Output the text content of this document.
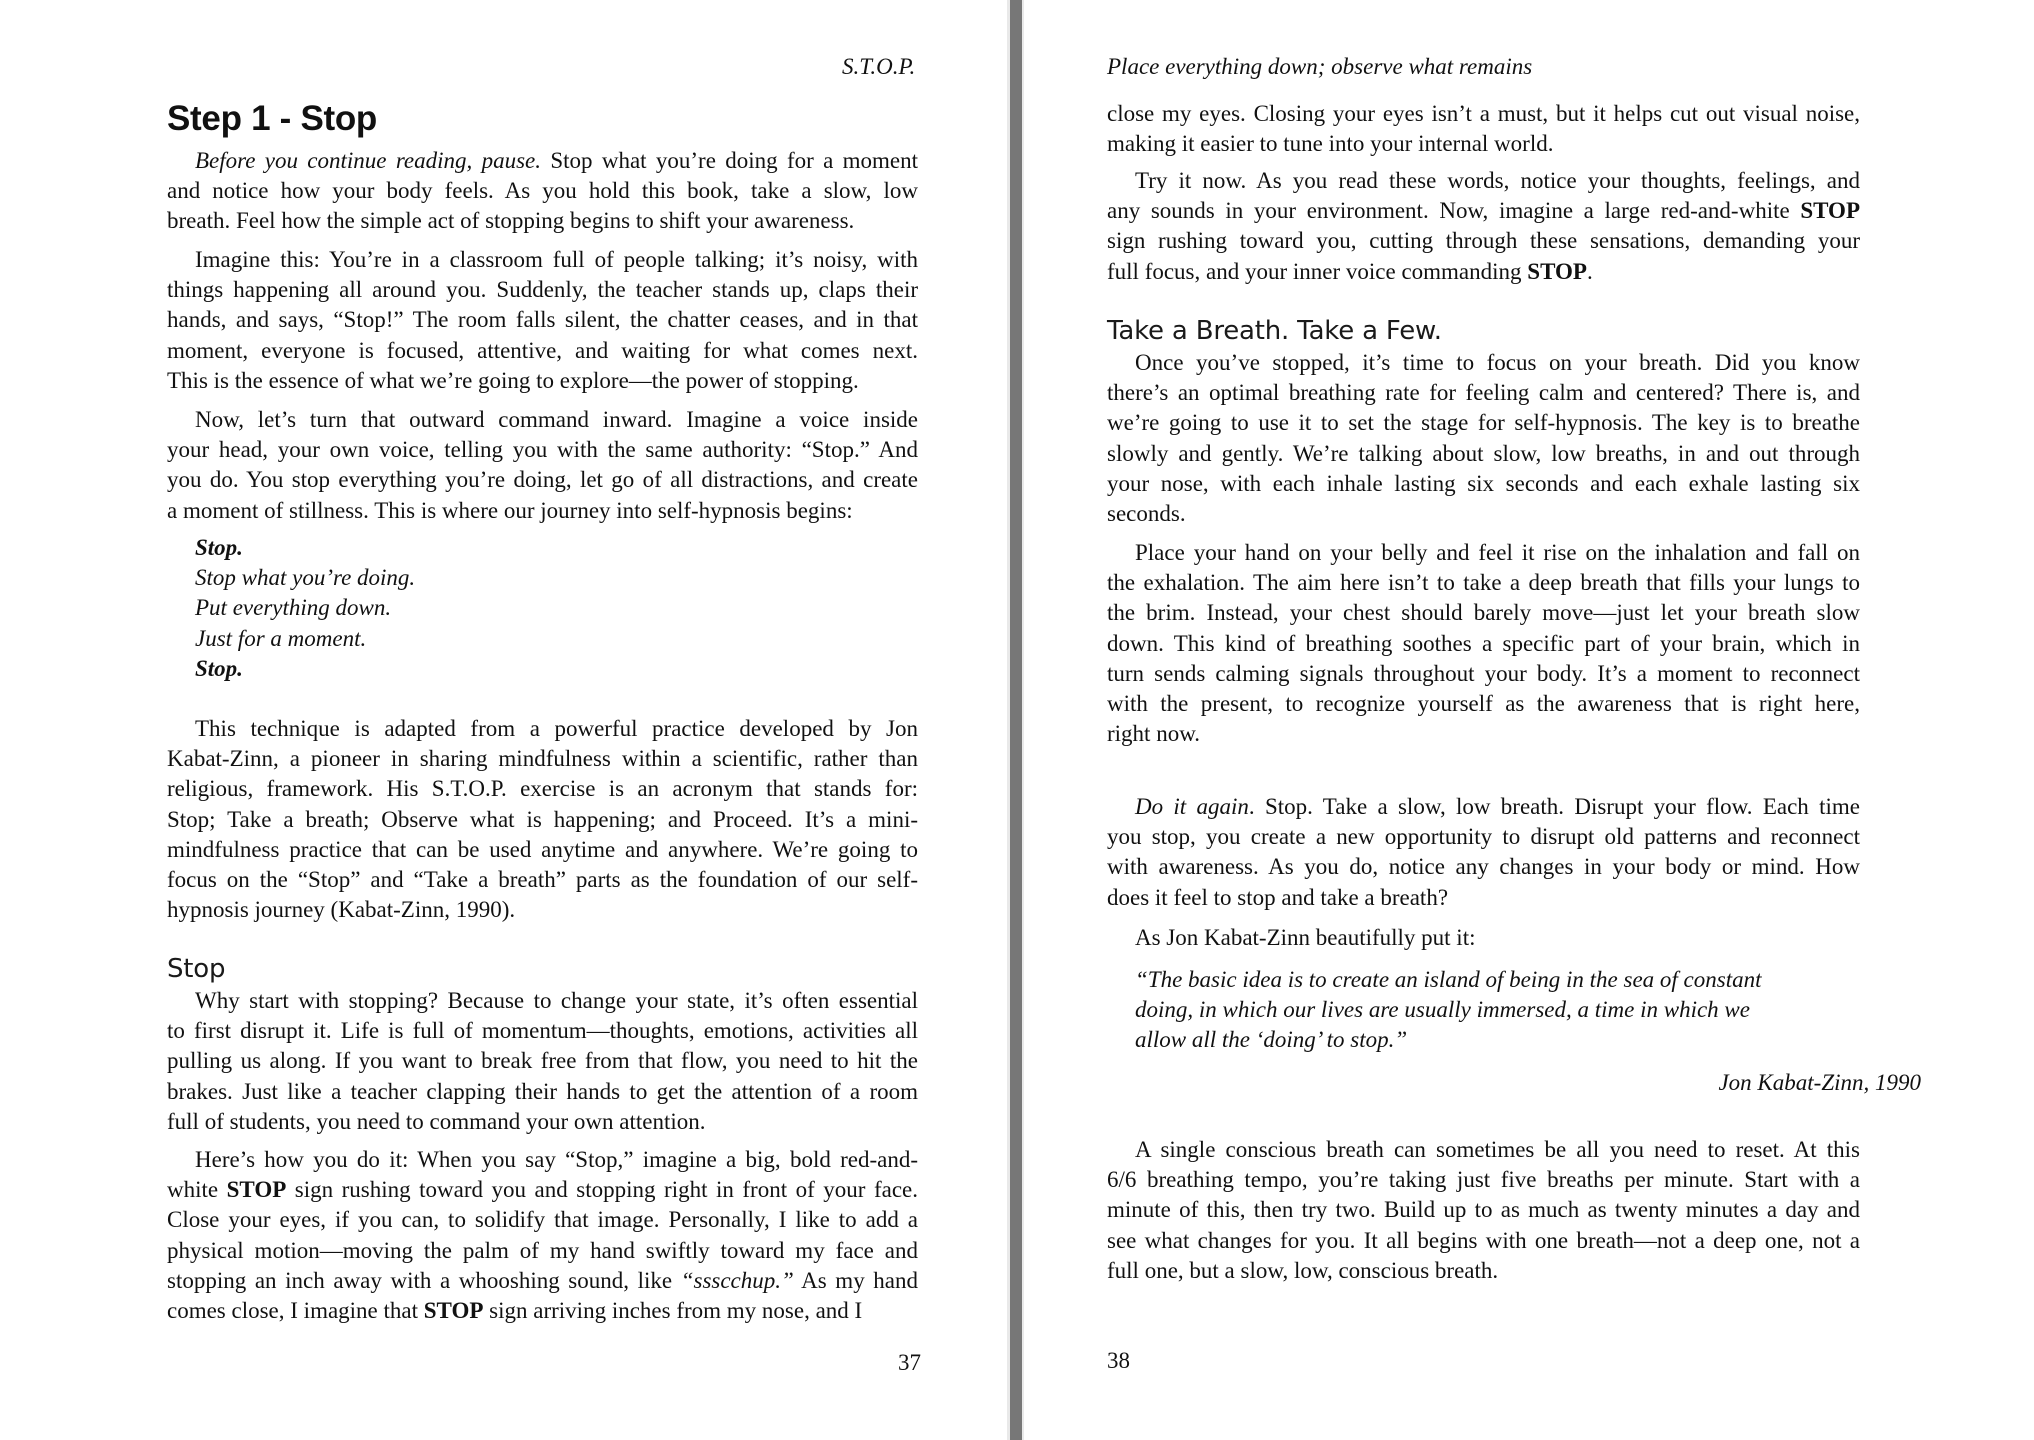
S.T.O.P.
Step 1 - Stop
Before you continue reading, pause. Stop what you’re doing for a moment
and notice how your body feels. As you hold this book, take a slow, low
breath. Feel how the simple act of stopping begins to shift your awareness.
Imagine this: You’re in a classroom full of people talking; it’s noisy, with
things happening all around you. Suddenly, the teacher stands up, claps their
hands, and says, “Stop!” The room falls silent, the chatter ceases, and in that
moment, everyone is focused, attentive, and waiting for what comes next.
This is the essence of what we’re going to explore—the power of stopping.
Now, let’s turn that outward command inward. Imagine a voice inside
your head, your own voice, telling you with the same authority: “Stop.” And
you do. You stop everything you’re doing, let go of all distractions, and create
a moment of stillness. This is where our journey into self-hypnosis begins:
Stop.
Stop what you’re doing.
Put everything down.
Just for a moment.
Stop.
This technique is adapted from a powerful practice developed by Jon
Kabat-Zinn, a pioneer in sharing mindfulness within a scientific, rather than
religious, framework. His S.T.O.P. exercise is an acronym that stands for:
Stop; Take a breath; Observe what is happening; and Proceed. It’s a mini-
mindfulness practice that can be used anytime and anywhere. We’re going to
focus on the “Stop” and “Take a breath” parts as the foundation of our self-
hypnosis journey (Kabat-Zinn, 1990).
Stop
Why start with stopping? Because to change your state, it’s often essential
to first disrupt it. Life is full of momentum—thoughts, emotions, activities all
pulling us along. If you want to break free from that flow, you need to hit the
brakes. Just like a teacher clapping their hands to get the attention of a room
full of students, you need to command your own attention.
Here’s how you do it: When you say “Stop,” imagine a big, bold red-and-
white STOP sign rushing toward you and stopping right in front of your face.
Close your eyes, if you can, to solidify that image. Personally, I like to add a
physical motion—moving the palm of my hand swiftly toward my face and
stopping an inch away with a whooshing sound, like “ssscchup.” As my hand
comes close, I imagine that STOP sign arriving inches from my nose, and I
37
Place everything down; observe what remains
close my eyes. Closing your eyes isn’t a must, but it helps cut out visual noise,
making it easier to tune into your internal world.
Try it now. As you read these words, notice your thoughts, feelings, and
any sounds in your environment. Now, imagine a large red-and-white STOP
sign rushing toward you, cutting through these sensations, demanding your
full focus, and your inner voice commanding STOP.
Take a Breath. Take a Few.
Once you’ve stopped, it’s time to focus on your breath. Did you know
there’s an optimal breathing rate for feeling calm and centered? There is, and
we’re going to use it to set the stage for self-hypnosis. The key is to breathe
slowly and gently. We’re talking about slow, low breaths, in and out through
your nose, with each inhale lasting six seconds and each exhale lasting six
seconds.
Place your hand on your belly and feel it rise on the inhalation and fall on
the exhalation. The aim here isn’t to take a deep breath that fills your lungs to
the brim. Instead, your chest should barely move—just let your breath slow
down. This kind of breathing soothes a specific part of your brain, which in
turn sends calming signals throughout your body. It’s a moment to reconnect
with the present, to recognize yourself as the awareness that is right here,
right now.
Do it again. Stop. Take a slow, low breath. Disrupt your flow. Each time
you stop, you create a new opportunity to disrupt old patterns and reconnect
with awareness. As you do, notice any changes in your body or mind. How
does it feel to stop and take a breath?
As Jon Kabat-Zinn beautifully put it:
“The basic idea is to create an island of being in the sea of constant
doing, in which our lives are usually immersed, a time in which we
allow all the ‘doing’ to stop.”
Jon Kabat-Zinn, 1990
A single conscious breath can sometimes be all you need to reset. At this
6/6 breathing tempo, you’re taking just five breaths per minute. Start with a
minute of this, then try two. Build up to as much as twenty minutes a day and
see what changes for you. It all begins with one breath—not a deep one, not a
full one, but a slow, low, conscious breath.
38
